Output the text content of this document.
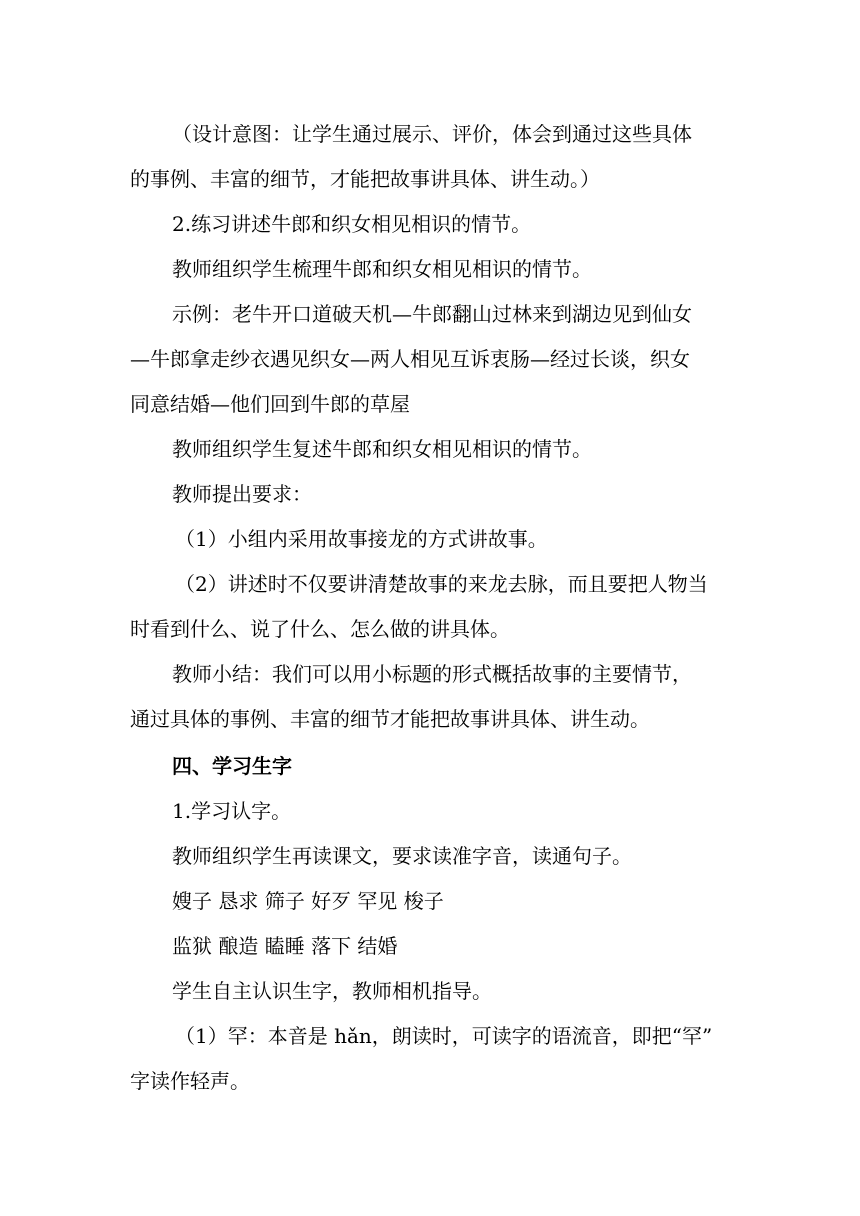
（设计意图：让学生通过展示、评价，体会到通过这些具体

的事例、丰富的细节，才能把故事讲具体、讲生动。）

2.练习讲述牛郎和织女相见相识的情节。

教师组织学生梳理牛郎和织女相见相识的情节。

示例：老牛开口道破天机—牛郎翻山过林来到湖边见到仙女

—牛郎拿走纱衣遇见织女—两人相见互诉衷肠—经过长谈，织女

同意结婚—他们回到牛郎的草屋

教师组织学生复述牛郎和织女相见相识的情节。

教师提出要求：

（1）小组内采用故事接龙的方式讲故事。

（2）讲述时不仅要讲清楚故事的来龙去脉，而且要把人物当

时看到什么、说了什么、怎么做的讲具体。

教师小结：我们可以用小标题的形式概括故事的主要情节，

通过具体的事例、丰富的细节才能把故事讲具体、讲生动。

四、学习生字

1.学习认字。

教师组织学生再读课文，要求读准字音，读通句子。

嫂子 恳求 筛子 好歹 罕见 梭子

监狱 酿造 瞌睡 落下 结婚

学生自主认识生字，教师相机指导。

（1）罕：本音是 hǎn，朗读时，可读字的语流音，即把“罕”

字读作轻声。
